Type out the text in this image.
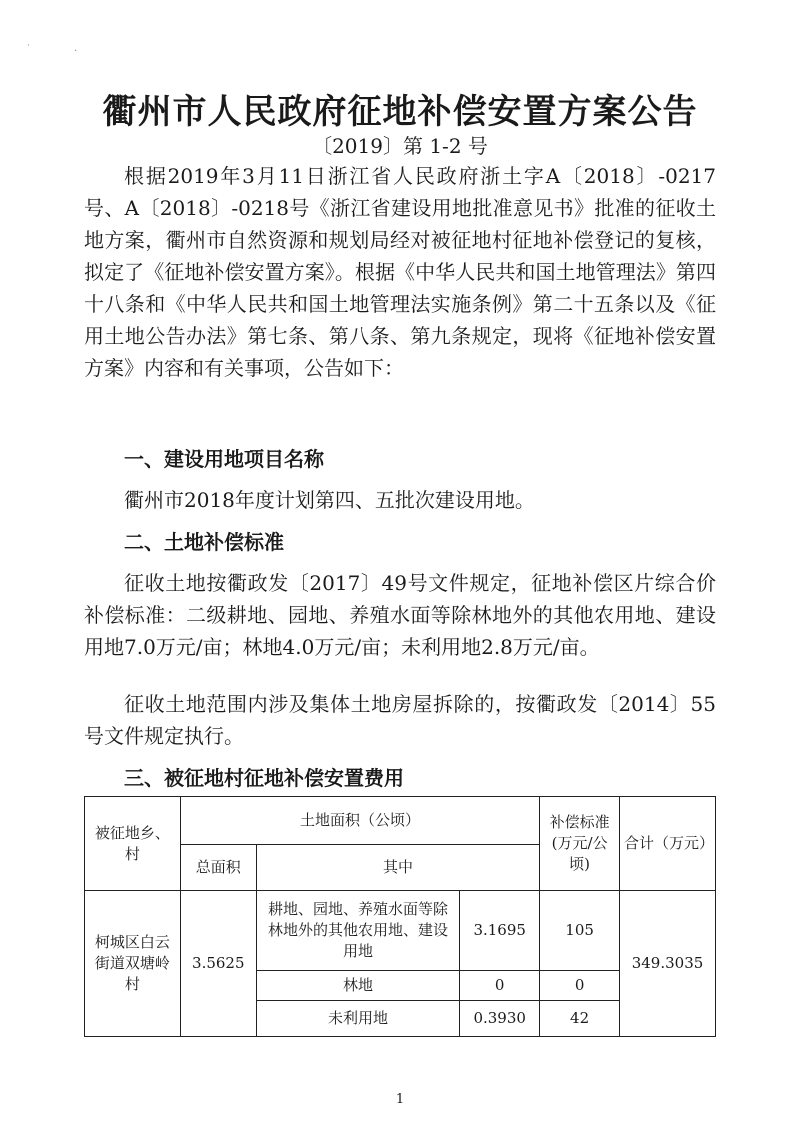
˙	·
衢州市人民政府征地补偿安置方案公告
〔2019〕第 1-2 号
根据2019年3月11日浙江省人民政府浙土字A〔2018〕-0217号、A〔2018〕-0218号《浙江省建设用地批准意见书》批准的征收土地方案，衢州市自然资源和规划局经对被征地村征地补偿登记的复核，拟定了《征地补偿安置方案》。根据《中华人民共和国土地管理法》第四十八条和《中华人民共和国土地管理法实施条例》第二十五条以及《征用土地公告办法》第七条、第八条、第九条规定，现将《征地补偿安置方案》内容和有关事项，公告如下：
一、建设用地项目名称
衢州市2018年度计划第四、五批次建设用地。
二、土地补偿标准
征收土地按衢政发〔2017〕49号文件规定，征地补偿区片综合价补偿标准：二级耕地、园地、养殖水面等除林地外的其他农用地、建设用地7.0万元/亩；林地4.0万元/亩；未利用地2.8万元/亩。
征收土地范围内涉及集体土地房屋拆除的，按衢政发〔2014〕55号文件规定执行。
三、被征地村征地补偿安置费用
被征地乡、村	土地面积（公顷）			补偿标准(万元/公顷)	合计（万元）
	总面积	其中			
柯城区白云街道双塘岭村	3.5625	耕地、园地、养殖水面等除林地外的其他农用地、建设用地	3.1695	105	349.3035
		林地	0	0	
		未利用地	0.3930	42	
1
